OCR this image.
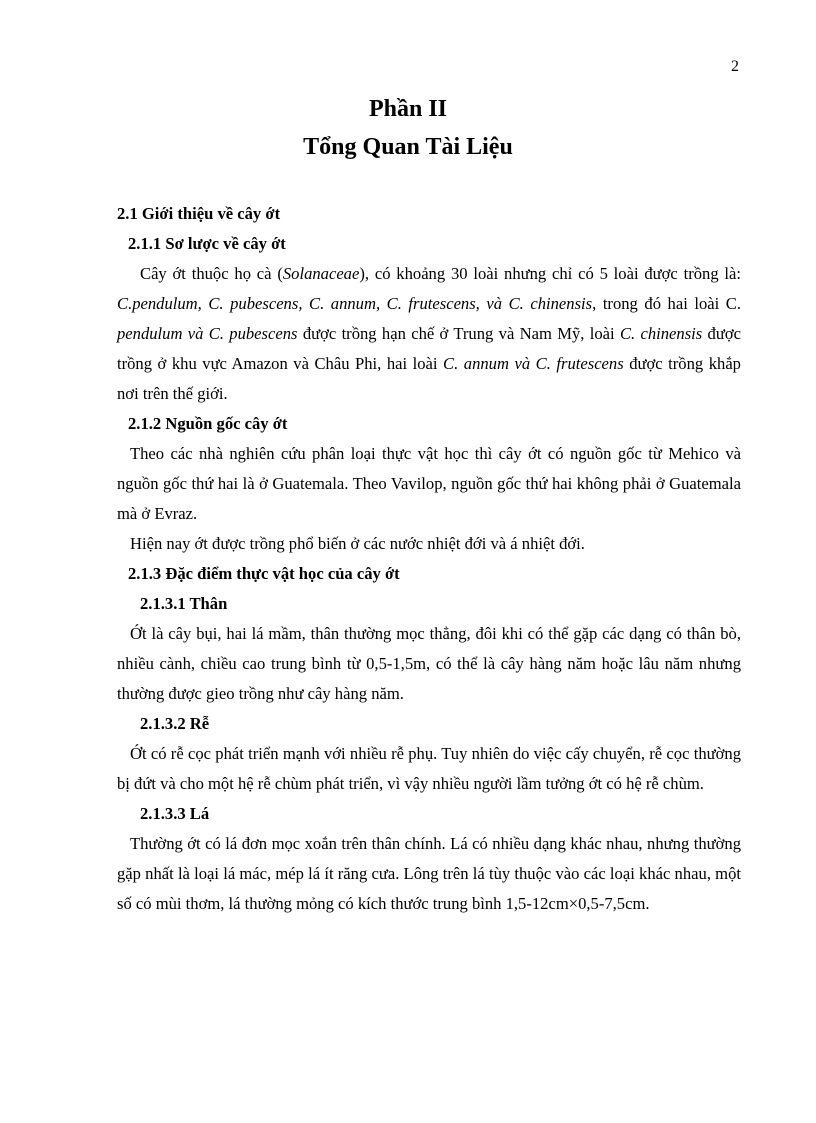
2
Phần II
Tổng Quan Tài Liệu
2.1 Giới thiệu về cây ớt
2.1.1 Sơ lược về cây ớt

Cây ớt thuộc họ cà (Solanaceae), có khoảng 30 loài nhưng chỉ có 5 loài được trồng là: C.pendulum, C. pubescens, C. annum, C. frutescens, và C. chinensis, trong đó hai loài C. pendulum và C. pubescens được trồng hạn chế ở Trung và Nam Mỹ, loài C. chinensis được trồng ở khu vực Amazon và Châu Phi, hai loài C. annum và C. frutescens được trồng khắp nơi trên thế giới.

2.1.2 Nguồn gốc cây ớt

Theo các nhà nghiên cứu phân loại thực vật học thì cây ớt có nguồn gốc từ Mehico và nguồn gốc thứ hai là ở Guatemala. Theo Vavilop, nguồn gốc thứ hai không phải ở Guatemala mà ở Evraz.

Hiện nay ớt được trồng phổ biến ở các nước nhiệt đới và á nhiệt đới.

2.1.3 Đặc điểm thực vật học của cây ớt
2.1.3.1 Thân

Ớt là cây bụi, hai lá mầm, thân thường mọc thẳng, đôi khi có thể gặp các dạng có thân bò, nhiều cành, chiều cao trung bình từ 0,5-1,5m, có thể là cây hàng năm hoặc lâu năm nhưng thường được gieo trồng như cây hàng năm.

2.1.3.2 Rễ

Ớt có rễ cọc phát triển mạnh với nhiều rễ phụ. Tuy nhiên do việc cấy chuyển, rễ cọc thường bị đứt và cho một hệ rễ chùm phát triển, vì vậy nhiều người lầm tưởng ớt có hệ rễ chùm.

2.1.3.3 Lá

Thường ớt có lá đơn mọc xoắn trên thân chính. Lá có nhiều dạng khác nhau, nhưng thường gặp nhất là loại lá mác, mép lá ít răng cưa. Lông trên lá tùy thuộc vào các loại khác nhau, một số có mùi thơm, lá thường mỏng có kích thước trung bình 1,5-12cm×0,5-7,5cm.
